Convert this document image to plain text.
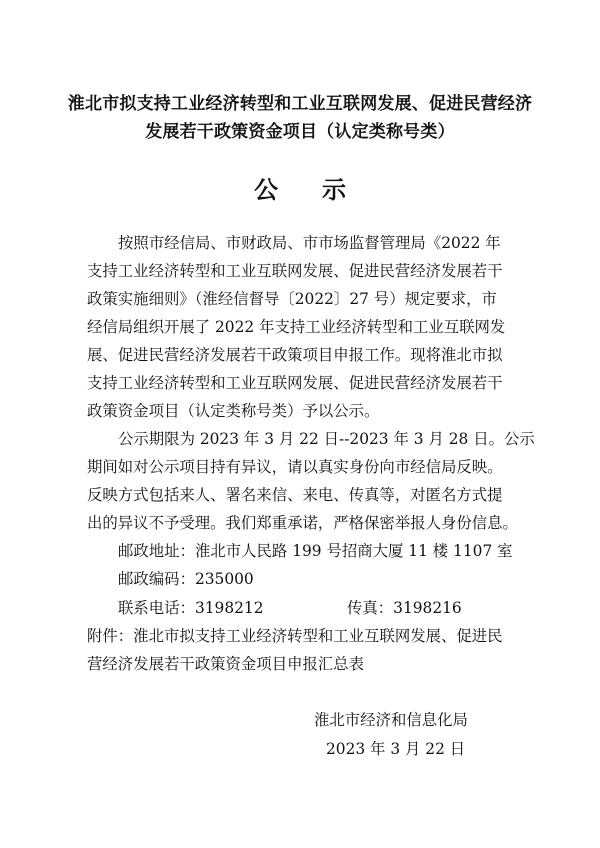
淮北市拟支持工业经济转型和工业互联网发展、促进民营经济
发展若干政策资金项目（认定类称号类）
公示
按照市经信局、市财政局、市市场监督管理局《2022 年
支持工业经济转型和工业互联网发展、促进民营经济发展若干
政策实施细则》（淮经信督导〔2022〕27 号）规定要求，市
经信局组织开展了 2022 年支持工业经济转型和工业互联网发
展、促进民营经济发展若干政策项目申报工作。现将淮北市拟
支持工业经济转型和工业互联网发展、促进民营经济发展若干
政策资金项目（认定类称号类）予以公示。
公示期限为 2023 年 3 月 22 日--2023 年 3 月 28 日。公示
期间如对公示项目持有异议，请以真实身份向市经信局反映。
反映方式包括来人、署名来信、来电、传真等，对匿名方式提
出的异议不予受理。我们郑重承诺，严格保密举报人身份信息。
邮政地址：淮北市人民路 199 号招商大厦 11 楼 1107 室
邮政编码：235000
联系电话：3198212	传真：3198216
附件：淮北市拟支持工业经济转型和工业互联网发展、促进民
营经济发展若干政策资金项目申报汇总表
淮北市经济和信息化局
2023 年 3 月 22 日
